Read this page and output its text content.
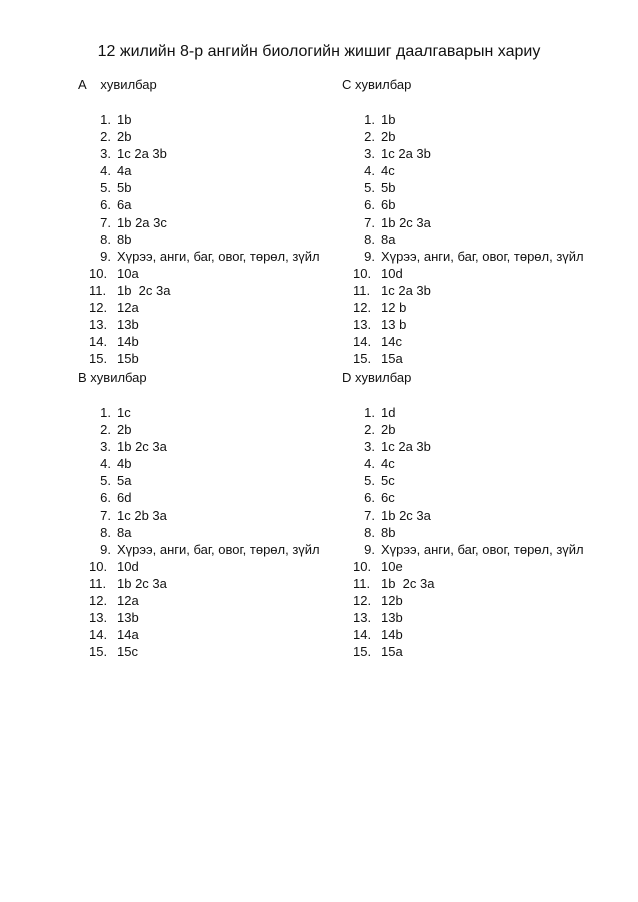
12 жилийн 8-р ангийн биологийн жишиг даалгаварын хариу

A    хувилбар

1. 1b
2. 2b
3. 1c 2a 3b
4. 4a
5. 5b
6. 6a
7. 1b 2a 3c
8. 8b
9. Хүрээ, анги, баг, овог, төрөл, зүйл
10. 10a
11. 1b  2c 3a
12. 12a
13. 13b
14. 14b
15. 15b

C хувилбар

1. 1b
2. 2b
3. 1c 2a 3b
4. 4c
5. 5b
6. 6b
7. 1b 2c 3a
8. 8a
9. Хүрээ, анги, баг, овог, төрөл, зүйл
10. 10d
11. 1c 2a 3b
12. 12 b
13. 13 b
14. 14c
15. 15a

B хувилбар

1. 1c
2. 2b
3. 1b 2c 3a
4. 4b
5. 5a
6. 6d
7. 1c 2b 3a
8. 8a
9. Хүрээ, анги, баг, овог, төрөл, зүйл
10. 10d
11. 1b 2c 3a
12. 12a
13. 13b
14. 14a
15. 15c

D хувилбар

1. 1d
2. 2b
3. 1c 2a 3b
4. 4c
5. 5c
6. 6c
7. 1b 2c 3a
8. 8b
9. Хүрээ, анги, баг, овог, төрөл, зүйл
10. 10e
11. 1b  2c 3a
12. 12b
13. 13b
14. 14b
15. 15a
